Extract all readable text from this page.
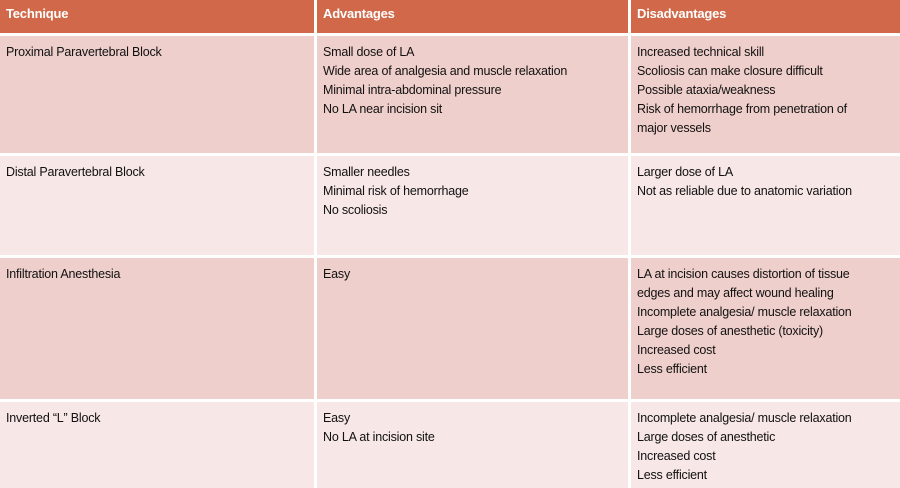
Technique
Proximal Paravertebral Block
Distal Paravertebral Block
Infiltration Anesthesia
Inverted “L” Block
Advantages
Small dose of LA
Wide area of analgesia and muscle relaxation
Minimal intra-abdominal pressure
No LA near incision sit
Smaller needles
Minimal risk of hemorrhage
No scoliosis
Easy
Easy
No LA at incision site
Disadvantages
Increased technical skill
Scoliosis can make closure difficult
Possible ataxia/weakness
Risk of hemorrhage from penetration of
major vessels
Larger dose of LA
Not as reliable due to anatomic variation
LA at incision causes distortion of tissue
edges and may affect wound healing
Incomplete analgesia/ muscle relaxation
Large doses of anesthetic (toxicity)
Increased cost
Less efficient
Incomplete analgesia/ muscle relaxation
Large doses of anesthetic
Increased cost
Less efficient
